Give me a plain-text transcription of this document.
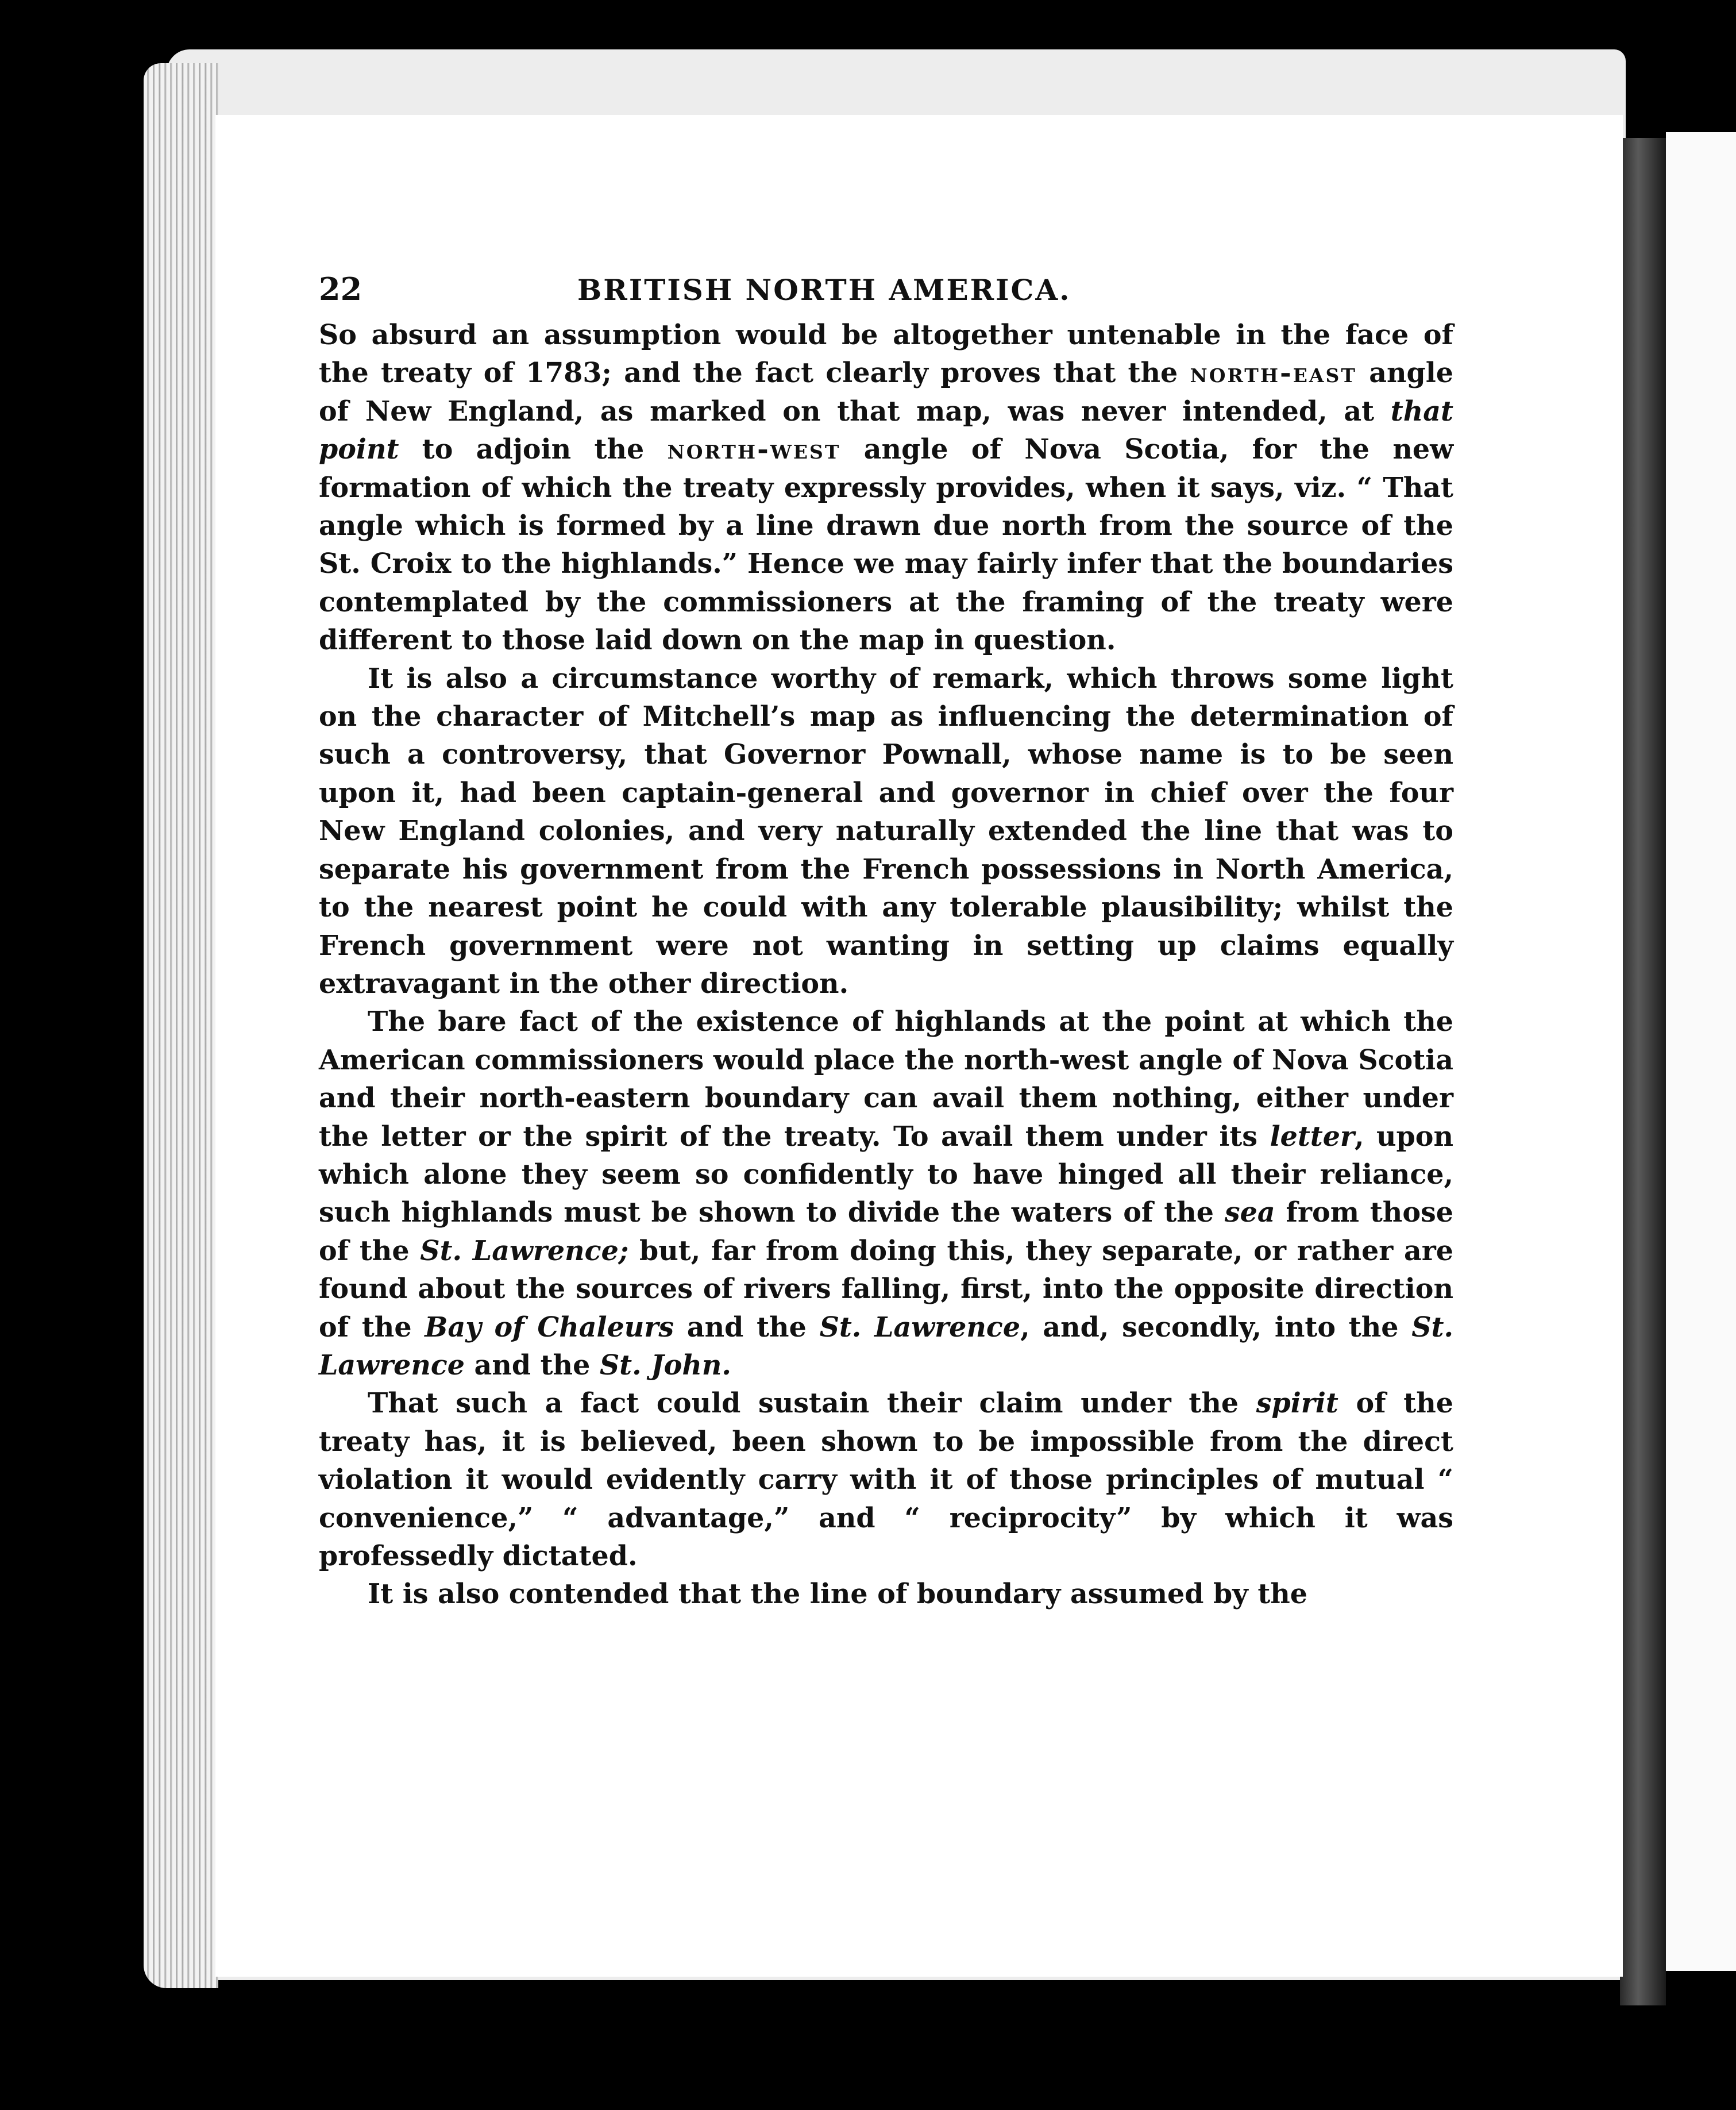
22	BRITISH NORTH AMERICA.

So absurd an assumption would be altogether untenable in the face of the treaty of 1783; and the fact clearly proves that the north-east angle of New England, as marked on that map, was never intended, at that point to adjoin the north-west angle of Nova Scotia, for the new formation of which the treaty expressly provides, when it says, viz. “ That angle which is formed by a line drawn due north from the source of the St. Croix to the highlands.” Hence we may fairly infer that the boundaries contemplated by the commissioners at the framing of the treaty were different to those laid down on the map in question.

It is also a circumstance worthy of remark, which throws some light on the character of Mitchell’s map as influencing the determination of such a controversy, that Governor Pownall, whose name is to be seen upon it, had been captain-general and governor in chief over the four New England colonies, and very naturally extended the line that was to separate his government from the French possessions in North America, to the nearest point he could with any tolerable plausibility; whilst the French government were not wanting in setting up claims equally extravagant in the other direction.

The bare fact of the existence of highlands at the point at which the American commissioners would place the north-west angle of Nova Scotia and their north-eastern boundary can avail them nothing, either under the letter or the spirit of the treaty. To avail them under its letter, upon which alone they seem so confidently to have hinged all their reliance, such highlands must be shown to divide the waters of the sea from those of the St. Lawrence; but, far from doing this, they separate, or rather are found about the sources of rivers falling, first, into the opposite direction of the Bay of Chaleurs and the St. Lawrence, and, secondly, into the St. Lawrence and the St. John.

That such a fact could sustain their claim under the spirit of the treaty has, it is believed, been shown to be impossible from the direct violation it would evidently carry with it of those principles of mutual “ convenience,” “ advantage,” and “ reciprocity” by which it was professedly dictated.

It is also contended that the line of boundary assumed by the
